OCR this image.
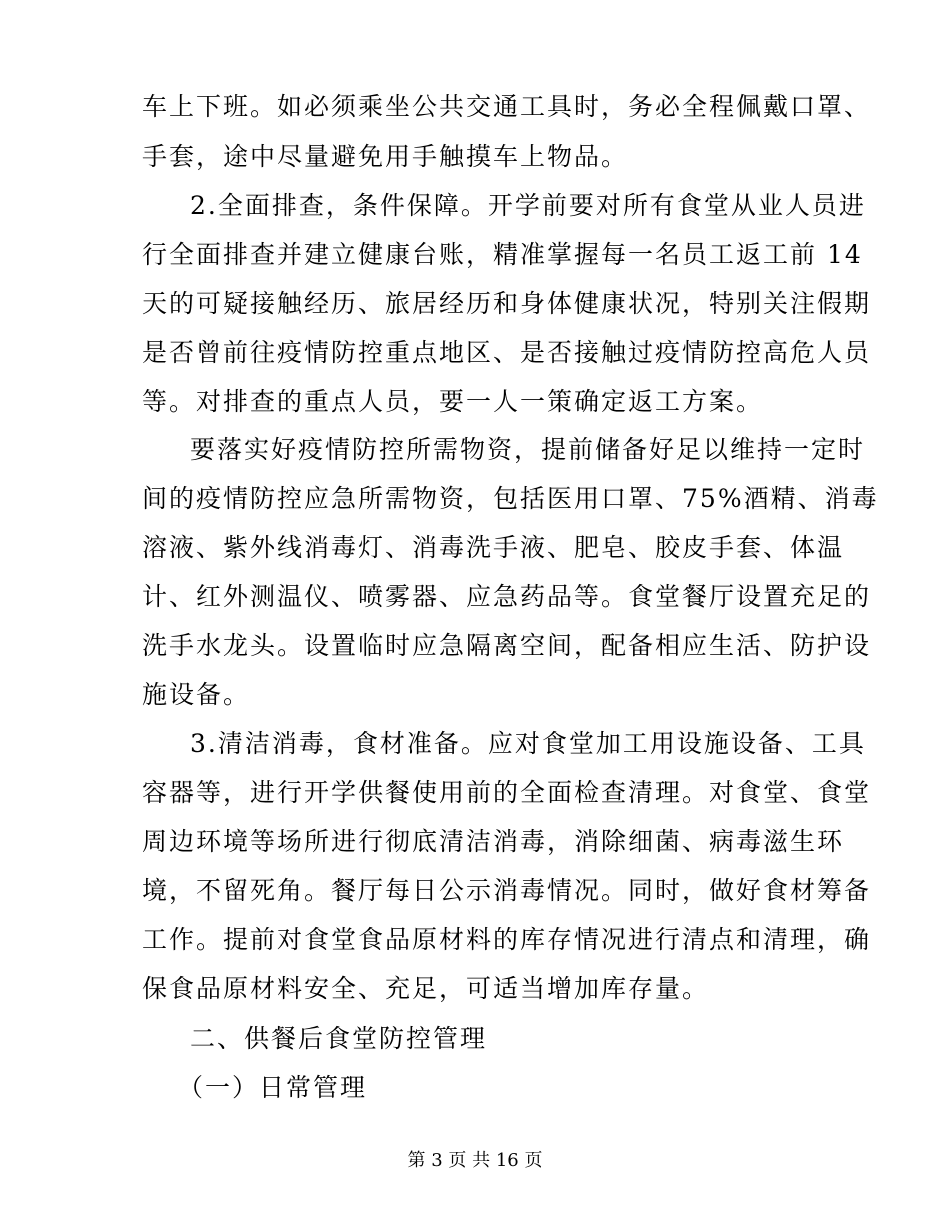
车上下班。如必须乘坐公共交通工具时，务必全程佩戴口罩、
手套，途中尽量避免用手触摸车上物品。
2.全面排查，条件保障。开学前要对所有食堂从业人员进
行全面排查并建立健康台账，精准掌握每一名员工返工前 14
天的可疑接触经历、旅居经历和身体健康状况，特别关注假期
是否曾前往疫情防控重点地区、是否接触过疫情防控高危人员
等。对排查的重点人员，要一人一策确定返工方案。
要落实好疫情防控所需物资，提前储备好足以维持一定时
间的疫情防控应急所需物资，包括医用口罩、75%酒精、消毒
溶液、紫外线消毒灯、消毒洗手液、肥皂、胶皮手套、体温
计、红外测温仪、喷雾器、应急药品等。食堂餐厅设置充足的
洗手水龙头。设置临时应急隔离空间，配备相应生活、防护设
施设备。
3.清洁消毒，食材准备。应对食堂加工用设施设备、工具
容器等，进行开学供餐使用前的全面检查清理。对食堂、食堂
周边环境等场所进行彻底清洁消毒，消除细菌、病毒滋生环
境，不留死角。餐厅每日公示消毒情况。同时，做好食材筹备
工作。提前对食堂食品原材料的库存情况进行清点和清理，确
保食品原材料安全、充足，可适当增加库存量。
二、供餐后食堂防控管理
（一）日常管理
第 3 页 共 16 页
